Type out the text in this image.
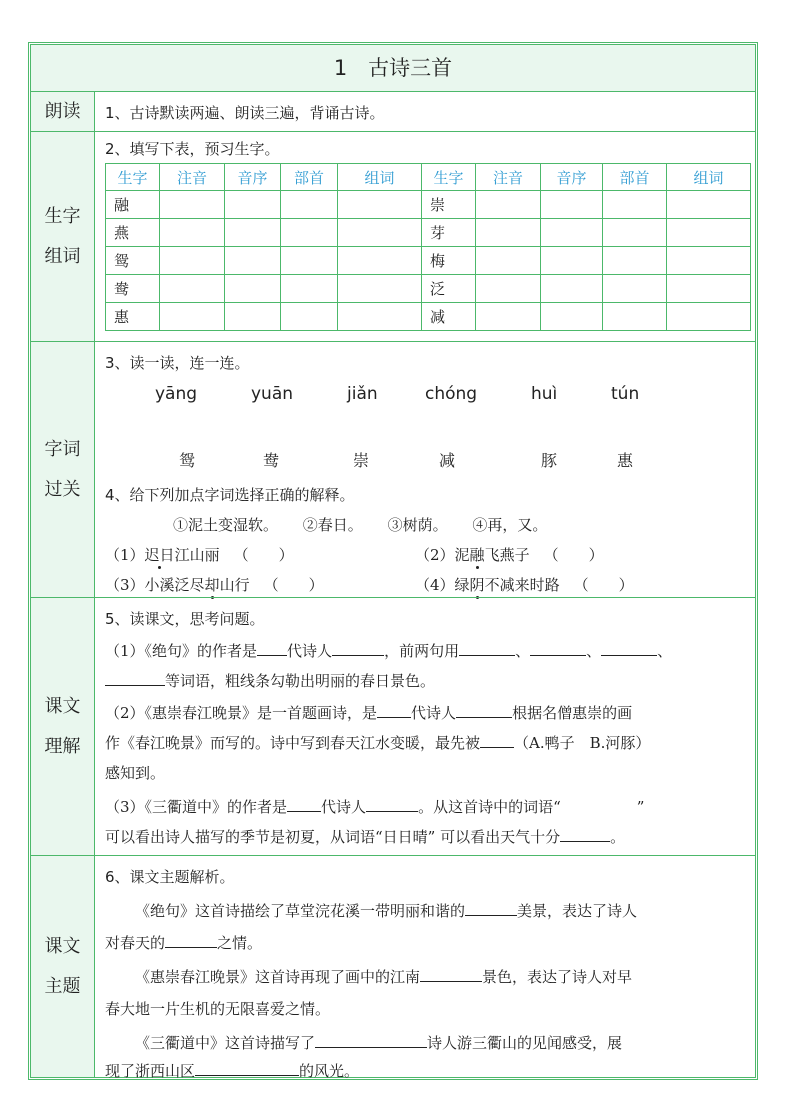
1　古诗三首
朗读 1、古诗默读两遍、朗读三遍，背诵古诗。
生字
组词
2、填写下表，预习生字。
生字	注音	音序	部首	组词	生字	注音	音序	部首	组词
融					崇				
燕					芽				
鸳					梅				
鸯					泛				
惠					减				
字词
过关
3、读一读，连一连。
yāng	yuān	jiǎn	chóng	huì	tún
鸳	鸯	崇	减	豚	惠
4、给下列加点字词选择正确的解释。
①泥土变湿软。 ②春日。 ③树荫。 ④再，又。
（1）迟日江山丽 （　　）	（2）泥融飞燕子 （　　）
（3）小溪泛尽却山行 （　　）	（4）绿阴不减来时路 （　　）
课文
理解
5、读课文，思考问题。
（1）《绝句》的作者是 代诗人	，前两句用	、	、	、
等词语，粗线条勾勒出明丽的春日景色。
（2）《惠崇春江晚景》是一首题画诗，是 代诗人	根据名僧惠崇的画
作《春江晚景》而写的。诗中写到春天江水变暖，最先被 （A.鸭子　B.河豚）
感知到。
（3）《三衢道中》的作者是 代诗人	。从这首诗中的词语“	”
可以看出诗人描写的季节是初夏，从词语“日日晴” 可以看出天气十分	。
课文
主题
6、课文主题解析。
《绝句》这首诗描绘了草堂浣花溪一带明丽和谐的	美景，表达了诗人
对春天的	之情。
《惠崇春江晚景》这首诗再现了画中的江南	景色，表达了诗人对早
春大地一片生机的无限喜爱之情。
《三衢道中》这首诗描写了	诗人游三衢山的见闻感受，展
现了浙西山区	的风光。
